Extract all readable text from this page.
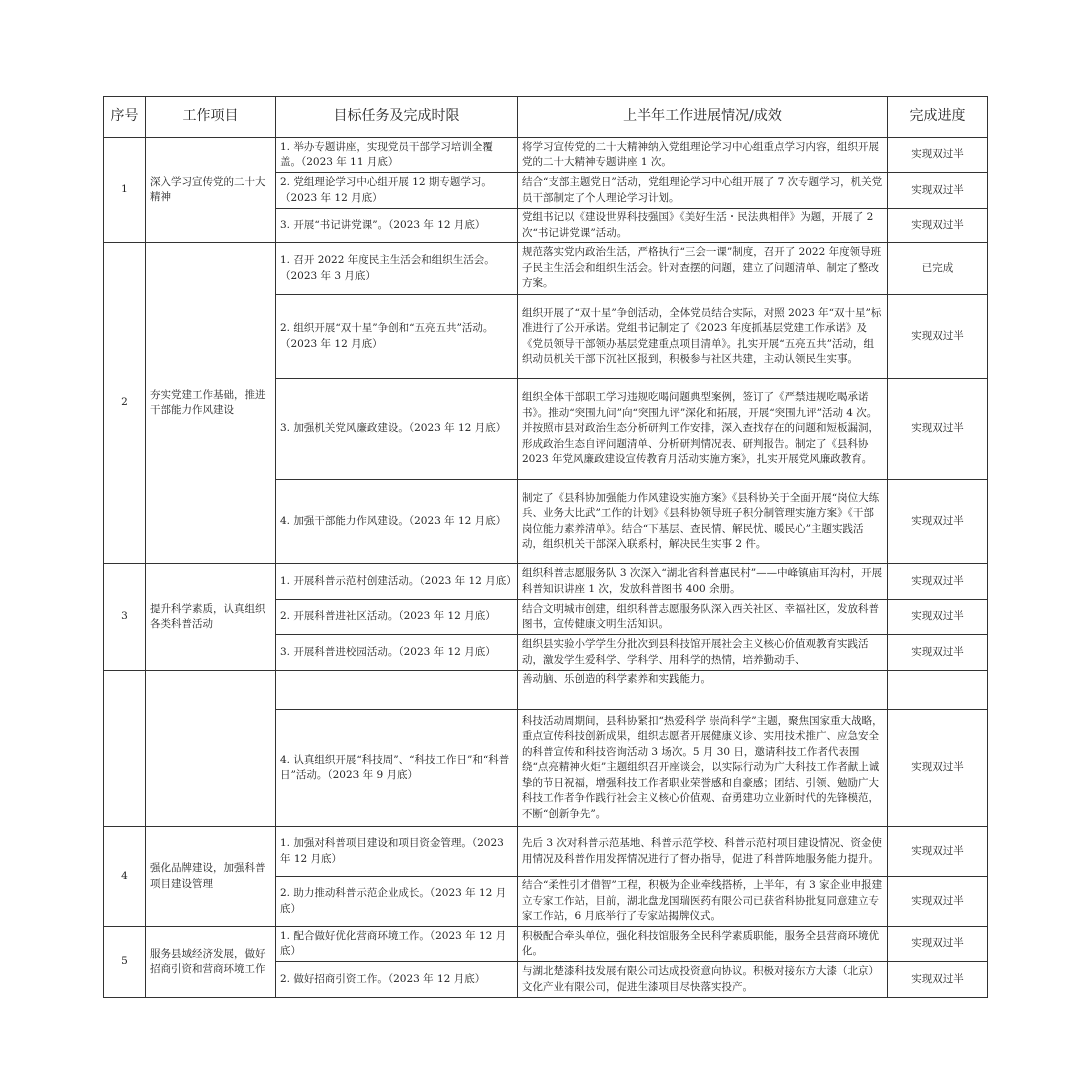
序号	工作项目	目标任务及完成时限	上半年工作进展情况/成效	完成进度
1	深入学习宣传党的二十大精神	1. 举办专题讲座，实现党员干部学习培训全覆盖。（2023 年 11 月底）	将学习宣传党的二十大精神纳入党组理论学习中心组重点学习内容，组织开展党的二十大精神专题讲座 1 次。	实现双过半
		2. 党组理论学习中心组开展 12 期专题学习。（2023 年 12 月底）	结合“支部主题党日”活动，党组理论学习中心组开展了 7 次专题学习，机关党员干部制定了个人理论学习计划。	实现双过半
		3. 开展“书记讲党课”。（2023 年 12 月底）	党组书记以《建设世界科技强国》《美好生活・民法典相伴》为题，开展了 2 次“书记讲党课”活动。	实现双过半
2	夯实党建工作基础，推进干部能力作风建设	1. 召开 2022 年度民主生活会和组织生活会。（2023 年 3 月底）	规范落实党内政治生活，严格执行“三会一课”制度，召开了 2022 年度领导班子民主生活会和组织生活会。针对查摆的问题，建立了问题清单、制定了整改方案。	已完成
		2. 组织开展“双十星”争创和“五亮五共”活动。（2023 年 12 月底）	组织开展了“双十星”争创活动，全体党员结合实际，对照 2023 年“双十星”标准进行了公开承诺。党组书记制定了《2023 年度抓基层党建工作承诺》及《党员领导干部领办基层党建重点项目清单》。扎实开展“五亮五共”活动，组织动员机关干部下沉社区报到，积极参与社区共建，主动认领民生实事。	实现双过半
		3. 加强机关党风廉政建设。（2023 年 12 月底）	组织全体干部职工学习违规吃喝问题典型案例，签订了《严禁违规吃喝承诺书》。推动“突围九问”向“突围九评”深化和拓展，开展“突围九评”活动 4 次。并按照市县对政治生态分析研判工作安排，深入查找存在的问题和短板漏洞，形成政治生态自评问题清单、分析研判情况表、研判报告。制定了《县科协 2023 年党风廉政建设宣传教育月活动实施方案》，扎实开展党风廉政教育。	实现双过半
		4. 加强干部能力作风建设。（2023 年 12 月底）	制定了《县科协加强能力作风建设实施方案》《县科协关于全面开展“岗位大练兵、业务大比武”工作的计划》《县科协领导班子积分制管理实施方案》《干部岗位能力素养清单》。结合“下基层、查民情、解民忧、暖民心”主题实践活动，组织机关干部深入联系村，解决民生实事 2 件。	实现双过半
3	提升科学素质，认真组织各类科普活动	1. 开展科普示范村创建活动。（2023 年 12 月底）	组织科普志愿服务队 3 次深入“湖北省科普惠民村”——中峰镇庙耳沟村，开展科普知识讲座 1 次，发放科普图书 400 余册。	实现双过半
		2. 开展科普进社区活动。（2023 年 12 月底）	结合文明城市创建，组织科普志愿服务队深入西关社区、幸福社区，发放科普图书，宣传健康文明生活知识。	实现双过半
		3. 开展科普进校园活动。（2023 年 12 月底）	组织县实验小学学生分批次到县科技馆开展社会主义核心价值观教育实践活动，激发学生爱科学、学科学、用科学的热情，培养勤动手、	实现双过半
			善动脑、乐创造的科学素养和实践能力。	
		4. 认真组织开展“科技周”、“科技工作日”和“科普日”活动。（2023 年 9 月底）	科技活动周期间，县科协紧扣“热爱科学 崇尚科学”主题，聚焦国家重大战略，重点宣传科技创新成果，组织志愿者开展健康义诊、实用技术推广、应急安全的科普宣传和科技咨询活动 3 场次。5 月 30 日，邀请科技工作者代表围绕“点亮精神火炬”主题组织召开座谈会，以实际行动为广大科技工作者献上诚挚的节日祝福，增强科技工作者职业荣誉感和自豪感；团结、引领、勉励广大科技工作者争作践行社会主义核心价值观、奋勇建功立业新时代的先锋模范，不断“创新争先”。	实现双过半
4	强化品牌建设，加强科普项目建设管理	1. 加强对科普项目建设和项目资金管理。（2023 年 12 月底）	先后 3 次对科普示范基地、科普示范学校、科普示范村项目建设情况、资金使用情况及科普作用发挥情况进行了督办指导，促进了科普阵地服务能力提升。	实现双过半
		2. 助力推动科普示范企业成长。（2023 年 12 月底）	结合“柔性引才借智”工程，积极为企业牵线搭桥，上半年，有 3 家企业申报建立专家工作站，目前，湖北盘龙国瑞医药有限公司已获省科协批复同意建立专家工作站，6 月底举行了专家站揭牌仪式。	实现双过半
5	服务县域经济发展，做好招商引资和营商环境工作	1. 配合做好优化营商环境工作。（2023 年 12 月底）	积极配合牵头单位，强化科技馆服务全民科学素质职能，服务全县营商环境优化。	实现双过半
		2. 做好招商引资工作。（2023 年 12 月底）	与湖北楚漆科技发展有限公司达成投资意向协议。积极对接东方大漆（北京）文化产业有限公司，促进生漆项目尽快落实投产。	实现双过半
